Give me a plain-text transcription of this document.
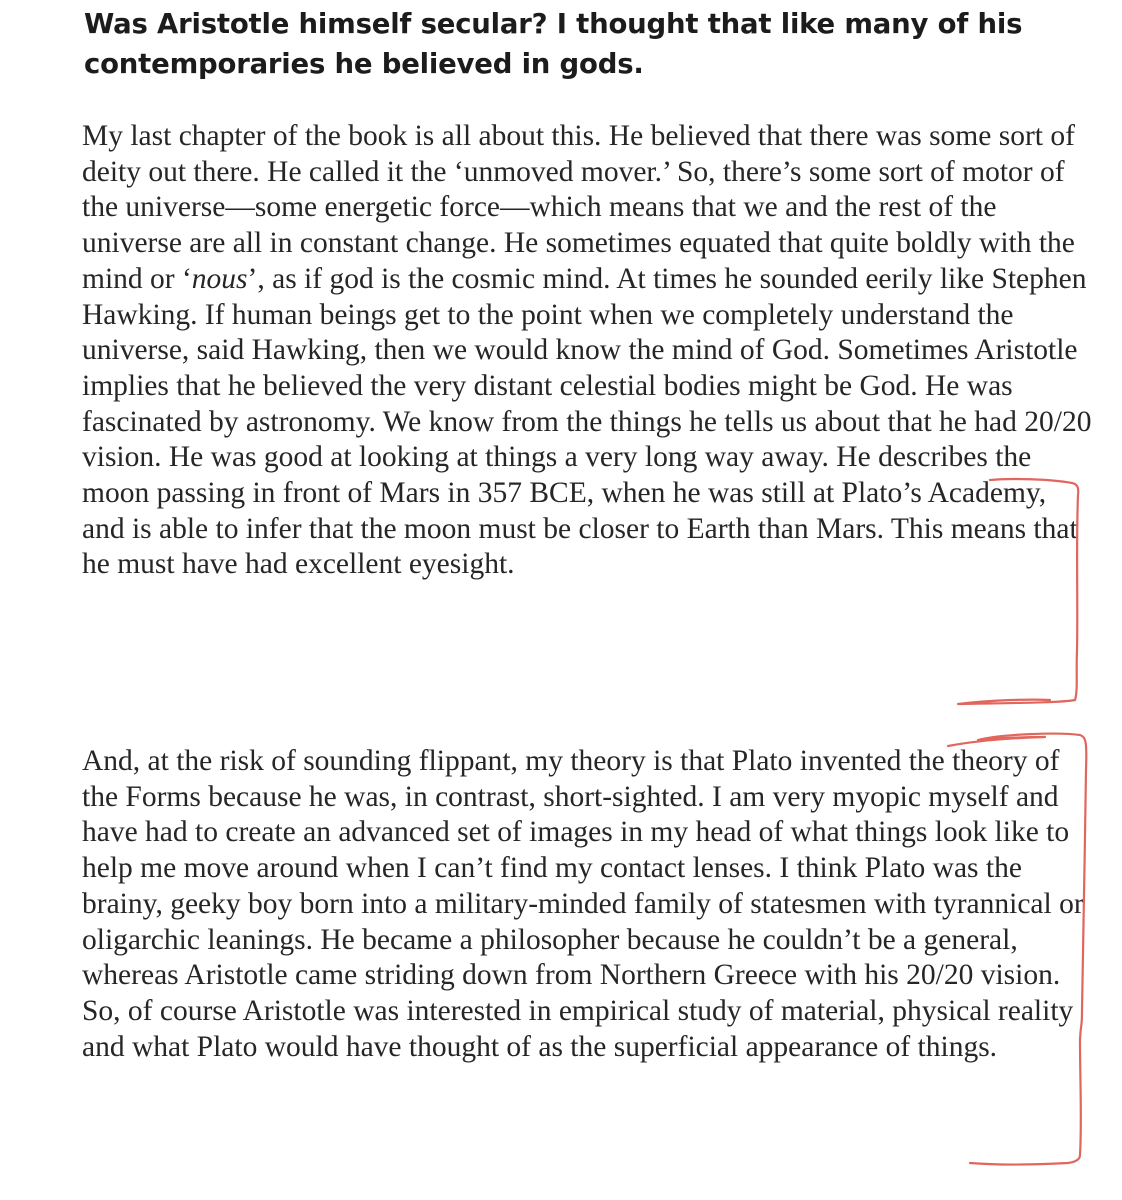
Was Aristotle himself secular? I thought that like many of his contemporaries he believed in gods.

My last chapter of the book is all about this. He believed that there was some sort of deity out there. He called it the ‘unmoved mover.’ So, there’s some sort of motor of the universe—some energetic force—which means that we and the rest of the universe are all in constant change. He sometimes equated that quite boldly with the mind or ‘nous’, as if god is the cosmic mind. At times he sounded eerily like Stephen Hawking. If human beings get to the point when we completely understand the universe, said Hawking, then we would know the mind of God. Sometimes Aristotle implies that he believed the very distant celestial bodies might be God. He was fascinated by astronomy. We know from the things he tells us about that he had 20/20 vision. He was good at looking at things a very long way away. He describes the moon passing in front of Mars in 357 BCE, when he was still at Plato’s Academy, and is able to infer that the moon must be closer to Earth than Mars. This means that he must have had excellent eyesight.

And, at the risk of sounding flippant, my theory is that Plato invented the theory of the Forms because he was, in contrast, short-sighted. I am very myopic myself and have had to create an advanced set of images in my head of what things look like to help me move around when I can’t find my contact lenses. I think Plato was the brainy, geeky boy born into a military-minded family of statesmen with tyrannical or oligarchic leanings. He became a philosopher because he couldn’t be a general, whereas Aristotle came striding down from Northern Greece with his 20/20 vision. So, of course Aristotle was interested in empirical study of material, physical reality and what Plato would have thought of as the superficial appearance of things.
